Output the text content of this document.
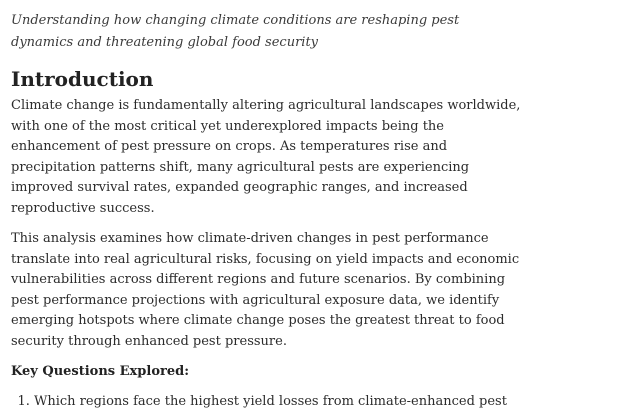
Understanding how changing climate conditions are reshaping pest dynamics and threatening global food security

Introduction

Climate change is fundamentally altering agricultural landscapes worldwide, with one of the most critical yet underexplored impacts being the enhancement of pest pressure on crops. As temperatures rise and precipitation patterns shift, many agricultural pests are experiencing improved survival rates, expanded geographic ranges, and increased reproductive success.

This analysis examines how climate-driven changes in pest performance translate into real agricultural risks, focusing on yield impacts and economic vulnerabilities across different regions and future scenarios. By combining pest performance projections with agricultural exposure data, we identify emerging hotspots where climate change poses the greatest threat to food security through enhanced pest pressure.

Key Questions Explored:

1. Which regions face the highest yield losses from climate-enhanced pest
